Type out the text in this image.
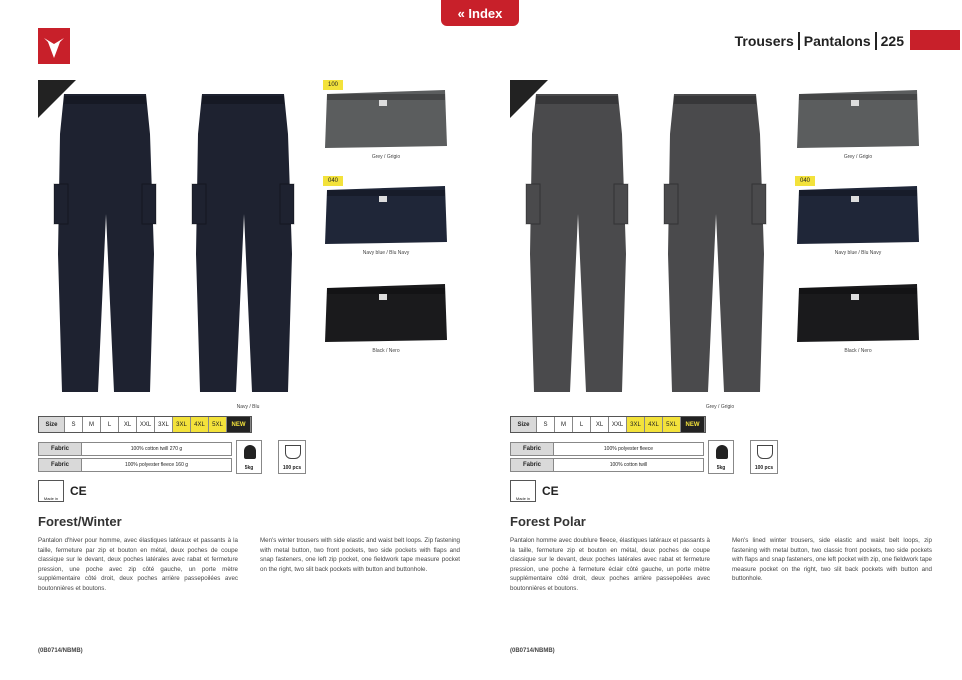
« Index
Trousers Pantalons 225
100
Grey / Grigio
040
Navy blue / Blu Navy
Black / Nero
Navy / Blu
Size	S	M	L	XL	XXL	3XL	3XL	4XL	5XL	NEW
Fabric	100% cotton twill 270 g
Fabric	100% polyester fleece 160 g	5kg	100 pcs
Made in
CE
Forest/Winter
Pantalon d'hiver pour homme, avec élastiques latéraux et passants à la taille, fermeture par zip et bouton en métal, deux poches de coupe classique sur le devant, deux poches latérales avec rabat et fermeture pression, une poche avec zip côté gauche, un porte mètre supplémentaire côté droit, deux poches arrière passepoilées avec boutonnières et boutons.
Men's winter trousers with side elastic and waist belt loops. Zip fastening with metal button, two front pockets, two side pockets with flaps and snap fasteners, one left zip pocket, one fieldwork tape measure pocket on the right, two slit back pockets with button and buttonhole.
(0B0714/NBMB)
Grey / Grigio
040
Navy blue / Blu Navy
Black / Nero
Grey / Grigio
Size	S	M	L	XL	XXL	3XL	4XL	5XL	NEW
Fabric	100% polyester fleece
Fabric	100% cotton twill	5kg	100 pcs
Made in
CE
Forest Polar
Pantalon homme avec doublure fleece, élastiques latéraux et passants à la taille, fermeture zip et bouton en métal, deux poches de coupe classique sur le devant, deux poches latérales avec rabat et fermeture pression, une poche à fermeture éclair côté gauche, un porte mètre supplémentaire côté droit, deux poches arrière passepoilées avec boutonnières et boutons.
Men's lined winter trousers, side elastic and waist belt loops, zip fastening with metal button, two classic front pockets, two side pockets with flaps and snap fasteners, one left pocket with zip, one fieldwork tape measure pocket on the right, two slit back pockets with button and buttonhole.
(0B0714/NBMB)
